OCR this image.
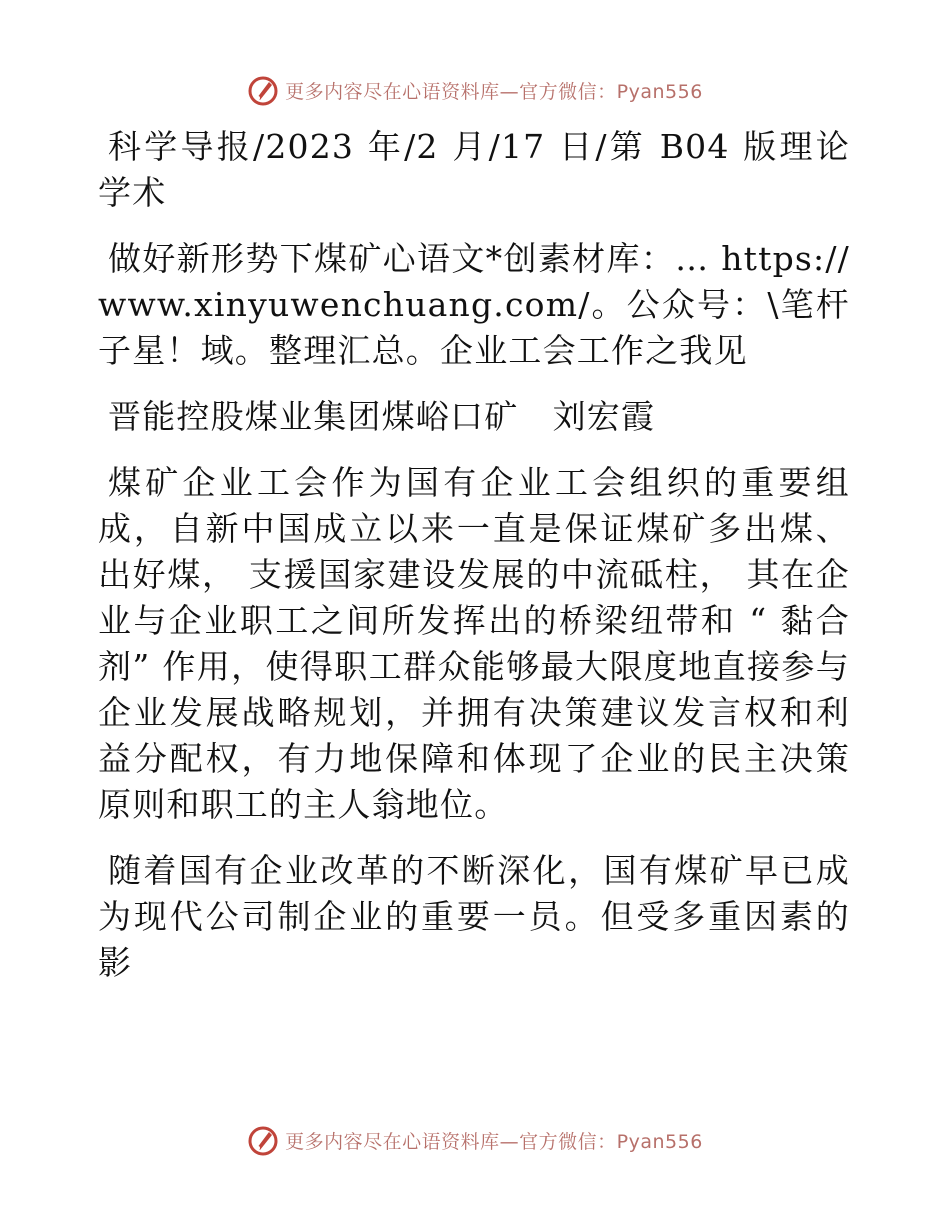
更多内容尽在心语资料库—官方微信：Pyan556

科学导报/2023 年/2 月/17 日/第 B04 版理论学术

做好新形势下煤矿心语文*创素材库：… https://www.xinyuwenchuang.com/。公众号：\笔杆子星！域。整理汇总。企业工会工作之我见

晋能控股煤业集团煤峪口矿　刘宏霞

煤矿企业工会作为国有企业工会组织的重要组成，自新中国成立以来一直是保证煤矿多出煤、出好煤， 支援国家建设发展的中流砥柱， 其在企业与企业职工之间所发挥出的桥梁纽带和 “ 黏合剂” 作用，使得职工群众能够最大限度地直接参与企业发展战略规划，并拥有决策建议发言权和利益分配权，有力地保障和体现了企业的民主决策原则和职工的主人翁地位。

随着国有企业改革的不断深化，国有煤矿早已成为现代公司制企业的重要一员。但受多重因素的影

更多内容尽在心语资料库—官方微信：Pyan556
